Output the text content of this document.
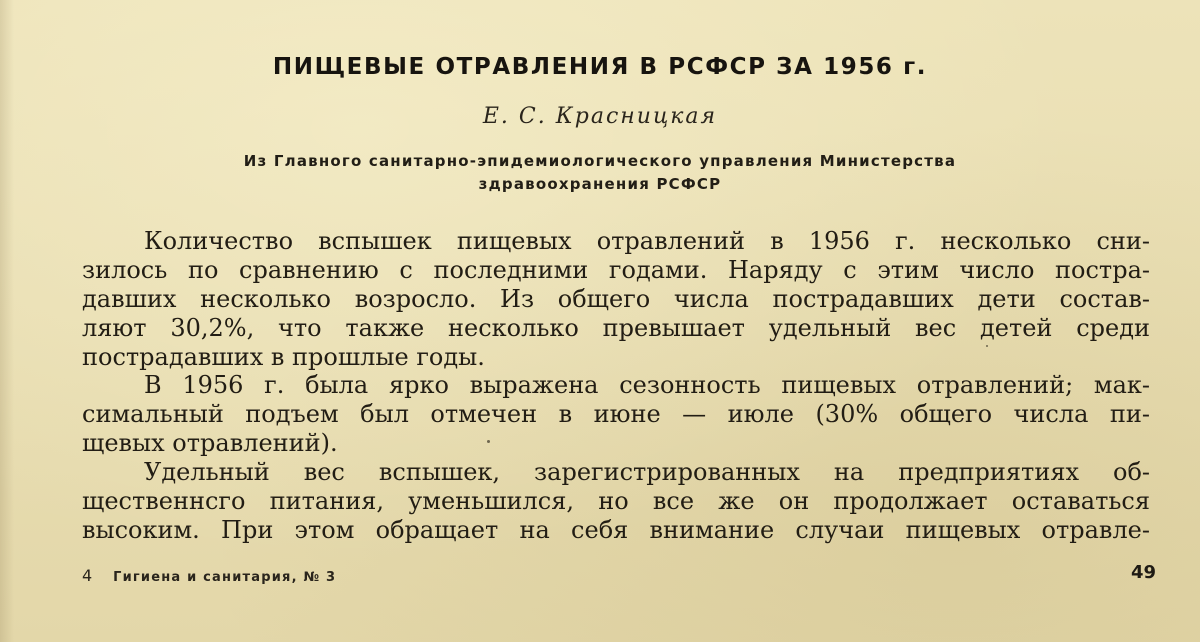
ПИЩЕВЫЕ ОТРАВЛЕНИЯ В РСФСР ЗА 1956 г.
Е. С. Красницкая
Из Главного санитарно-эпидемиологического управления Министерства
здравоохранения РСФСР
Количество вспышек пищевых отравлений в 1956 г. несколько сни-
зилось по сравнению с последними годами. Наряду с этим число постра-
давших несколько возросло. Из общего числа пострадавших дети состав-
ляют 30,2%, что также несколько превышает удельный вес детей среди
пострадавших в прошлые годы.
В 1956 г. была ярко выражена сезонность пищевых отравлений; мак-
симальный подъем был отмечен в июне — июле (30% общего числа пи-
щевых отравлений).
Удельный вес вспышек, зарегистрированных на предприятиях об-
щественнсго питания, уменьшился, но все же он продолжает оставаться
высоким. При этом обращает на себя внимание случаи пищевых отравле-
4 Гигиена и санитария, № 3	49
